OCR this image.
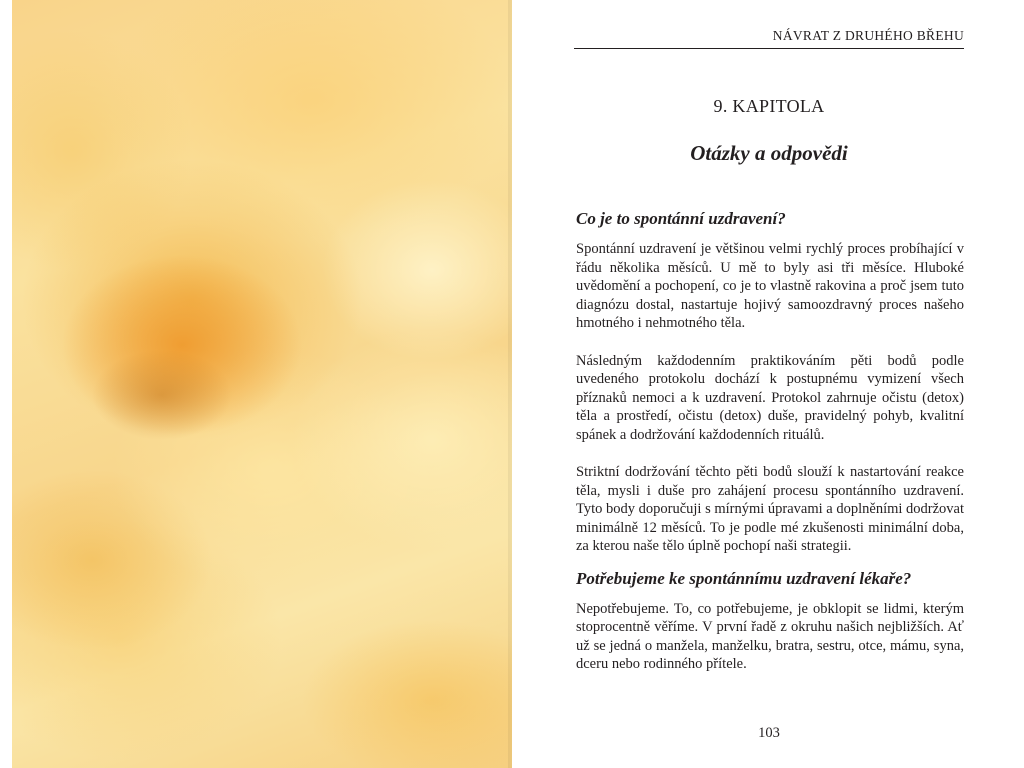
NÁVRAT Z DRUHÉHO BŘEHU
9. KAPITOLA
Otázky a odpovědi
Co je to spontánní uzdravení?

Spontánní uzdravení je většinou velmi rychlý proces probíhající v řádu několika měsíců. U mě to byly asi tři měsíce. Hluboké uvědomění a pochopení, co je to vlastně rakovina a proč jsem tuto diagnózu dostal, nastartuje hojivý samoozdravný proces našeho hmotného i nehmotného těla.

Následným každodenním praktikováním pěti bodů podle uvedeného protokolu dochází k postupnému vymizení všech příznaků nemoci a k uzdravení. Protokol zahrnuje očistu (detox) těla a prostředí, očistu (detox) duše, pravidelný pohyb, kvalitní spánek a dodržování každodenních rituálů.

Striktní dodržování těchto pěti bodů slouží k nastartování reakce těla, mysli i duše pro zahájení procesu spontánního uzdravení. Tyto body doporučuji s mírnými úpravami a doplněními dodržovat minimálně 12 měsíců. To je podle mé zkušenosti minimální doba, za kterou naše tělo úplně pochopí naši strategii.

Potřebujeme ke spontánnímu uzdravení lékaře?

Nepotřebujeme. To, co potřebujeme, je obklopit se lidmi, kterým stoprocentně věříme. V první řadě z okruhu našich nejbližších. Ať už se jedná o manžela, manželku, bratra, sestru, otce, mámu, syna, dceru nebo rodinného přítele.

103
